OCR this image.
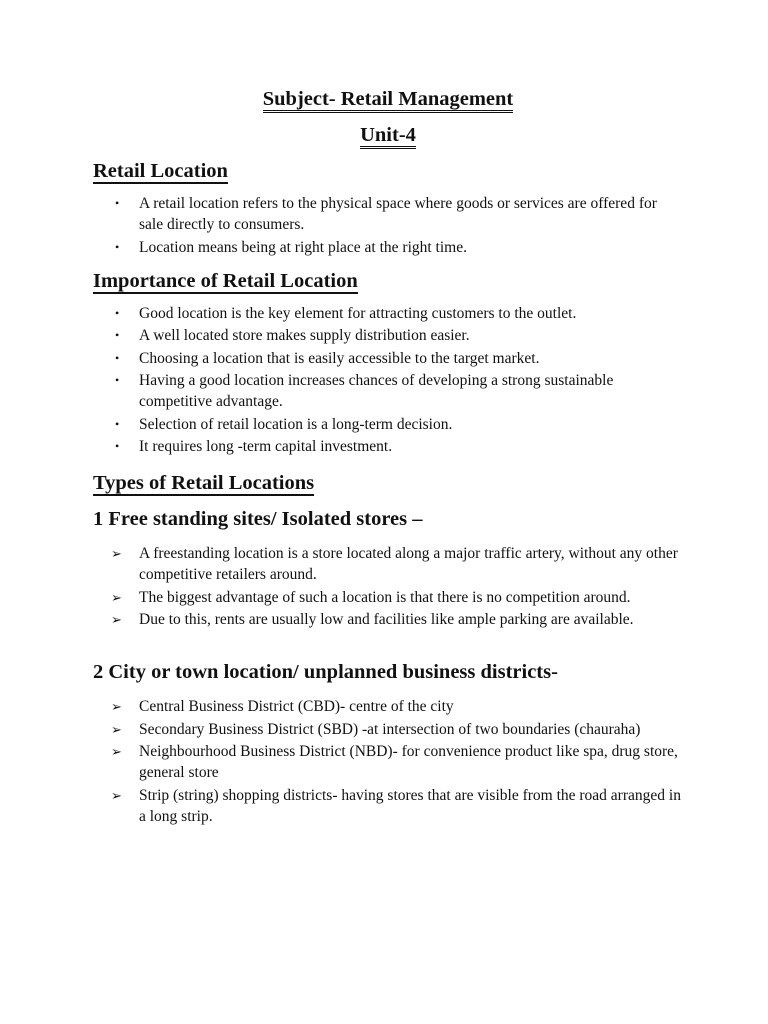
Subject- Retail Management
Unit-4
Retail Location
• A retail location refers to the physical space where goods or services are offered for sale directly to consumers.
• Location means being at right place at the right time.
Importance of Retail Location
• Good location is the key element for attracting customers to the outlet.
• A well located store makes supply distribution easier.
• Choosing a location that is easily accessible to the target market.
• Having a good location increases chances of developing a strong sustainable competitive advantage.
• Selection of retail location is a long-term decision.
• It requires long -term capital investment.
Types of Retail Locations
1 Free standing sites/ Isolated stores –
➢ A freestanding location is a store located along a major traffic artery, without any other competitive retailers around.
➢ The biggest advantage of such a location is that there is no competition around.
➢ Due to this, rents are usually low and facilities like ample parking are available.
2 City or town location/ unplanned business districts-
➢ Central Business District (CBD)- centre of the city
➢ Secondary Business District (SBD) -at intersection of two boundaries (chauraha)
➢ Neighbourhood Business District (NBD)- for convenience product like spa, drug store, general store
➢ Strip (string) shopping districts- having stores that are visible from the road arranged in a long strip.
